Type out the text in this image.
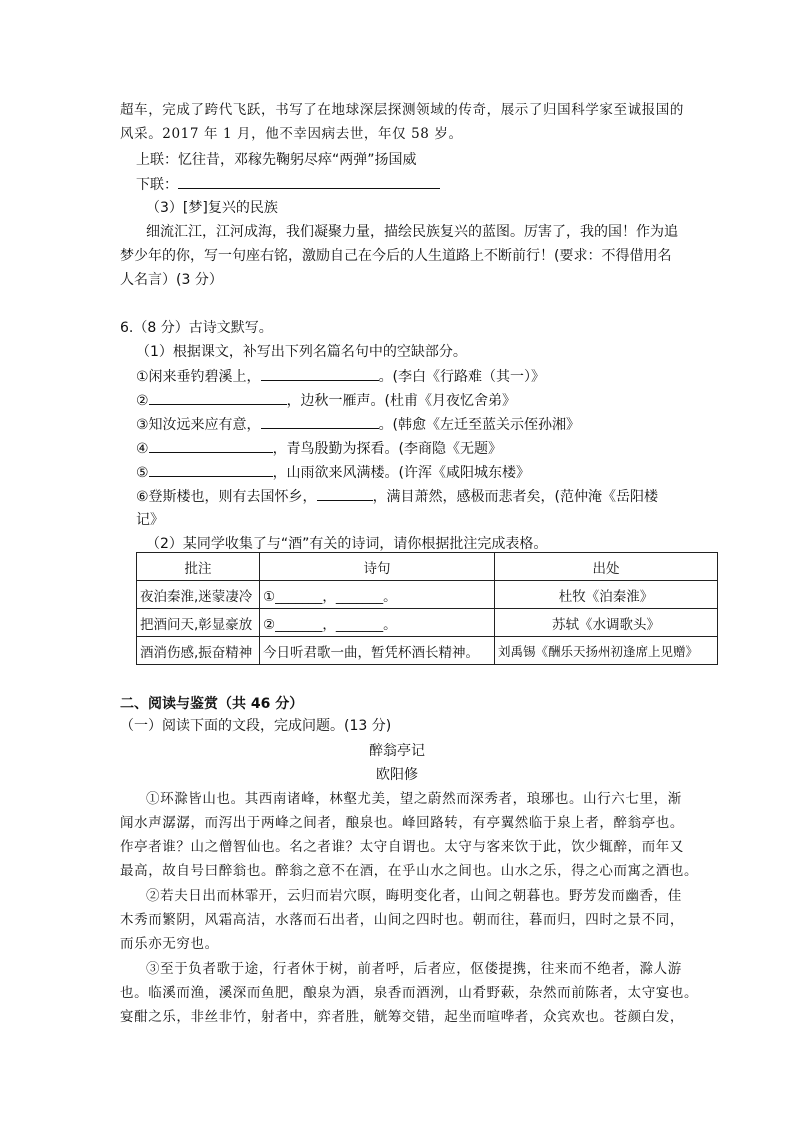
超车，完成了跨代飞跃，书写了在地球深层探测领域的传奇，展示了归国科学家至诚报国的
风采。2017 年 1 月，他不幸因病去世，年仅 58 岁。
上联：忆往昔，邓稼先鞠躬尽瘁“两弹”扬国威
下联：
（3）[梦]复兴的民族
细流汇江，江河成海，我们凝聚力量，描绘民族复兴的蓝图。厉害了，我的国！作为追
梦少年的你，写一句座右铭，激励自己在今后的人生道路上不断前行！(要求：不得借用名
人名言）(3 分）
6.（8 分）古诗文默写。
（1）根据课文，补写出下列名篇名句中的空缺部分。
①闲来垂钓碧溪上，	。(李白《行路难（其一）》
②	，边秋一雁声。(杜甫《月夜忆舍弟》
③知汝远来应有意，	。(韩愈《左迁至蓝关示侄孙湘》
④	，青鸟殷勤为探看。(李商隐《无题》
⑤	，山雨欲来风满楼。(许浑《咸阳城东楼》
⑥登斯楼也，则有去国怀乡，	，满目萧然，感极而悲者矣，(范仲淹《岳阳楼
记》
（2）某同学收集了与“酒”有关的诗词，请你根据批注完成表格。
批注	诗句	出处
夜泊秦淮,迷蒙凄冷	①_______，_______。	杜牧《泊秦淮》
把酒问天,彰显豪放	②_______，_______。	苏轼《水调歌头》
酒消伤感,振奋精神	今日听君歌一曲，暂凭杯酒长精神。	刘禹锡《酬乐天扬州初逢席上见赠》
二、阅读与鉴赏（共 46 分）
（一）阅读下面的文段，完成问题。(13 分)
醉翁亭记
欧阳修
①环滁皆山也。其西南诸峰，林壑尤美，望之蔚然而深秀者，琅琊也。山行六七里，渐
闻水声潺潺，而泻出于两峰之间者，酿泉也。峰回路转，有亭翼然临于泉上者，醉翁亭也。
作亭者谁？山之僧智仙也。名之者谁？太守自谓也。太守与客来饮于此，饮少辄醉，而年又
最高，故自号曰醉翁也。醉翁之意不在酒，在乎山水之间也。山水之乐，得之心而寓之酒也。
②若夫日出而林霏开，云归而岩穴暝，晦明变化者，山间之朝暮也。野芳发而幽香，佳
木秀而繁阴，风霜高洁，水落而石出者，山间之四时也。朝而往，暮而归，四时之景不同，
而乐亦无穷也。
③至于负者歌于途，行者休于树，前者呼，后者应，伛偻提携，往来而不绝者，滁人游
也。临溪而渔，溪深而鱼肥，酿泉为酒，泉香而酒洌，山肴野蔌，杂然而前陈者，太守宴也。
宴酣之乐，非丝非竹，射者中，弈者胜，觥筹交错，起坐而喧哗者，众宾欢也。苍颜白发，
